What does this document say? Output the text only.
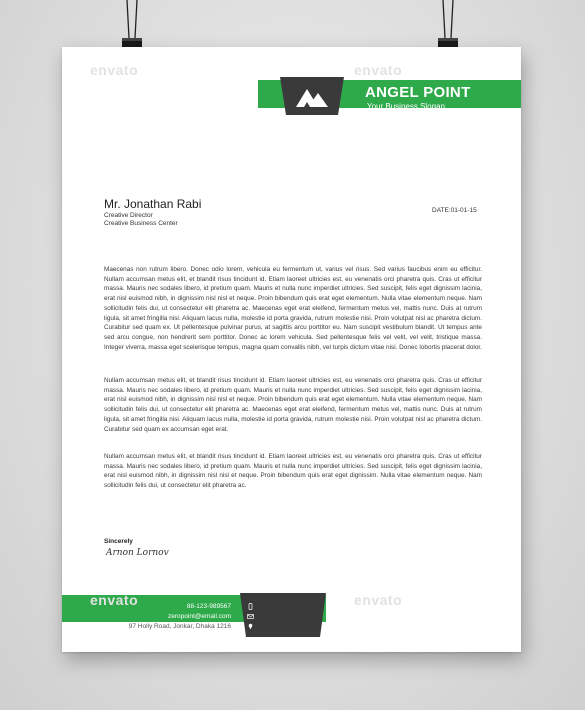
envato	envato
ANGEL POINT
Your Business Slogan
Mr. Jonathan Rabi
Creative Director
Creative Business Center
DATE:01-01-15

Maecenas non rutrum libero. Donec odio lorem, vehicula eu fermentum ut, varius vel risus. Sed varius faucibus enim eu efficitur. Nullam accumsan metus elit, et blandit risus tincidunt id. Etiam laoreet ultricies est, eu venenatis orci pharetra quis. Cras ut efficitur massa. Mauris nec sodales libero, id pretium quam. Mauris et nulla nunc imperdiet ultricies. Sed suscipit, felis eget dignissim lacinia, erat nisl euismod nibh, in dignissim nisl nisl et neque. Proin bibendum quis erat eget elementum. Nulla vitae elementum neque. Nam sollicitudin felis dui, ut consectetur elit pharetra ac. Maecenas eget erat eleifend, fermentum metus vel, mattis nunc. Duis at rutrum ligula, sit amet fringilla nisi. Aliquam lacus nulla, molestie id porta gravida, rutrum molestie nisi. Proin volutpat nisl ac pharetra dictum. Curabitur sed quam ex. Ut pellentesque pulvinar purus, at sagittis arcu porttitor eu. Nam suscipit vestibulum blandit. Ut tempus ante sed arcu congue, non hendrerit sem porttitor. Donec ac lorem vehicula. Sed pellentesque felis vel velit, vel velit, tristique massa. Integer viverra, massa eget scelerisque tempus, magna quam convallis nibh, vel turpis dictum vitae nisi. Donec lobortis placerat dolor.

Nullam accumsan metus elit, et blandit risus tincidunt id. Etiam laoreet ultricies est, eu venenatis orci pharetra quis. Cras ut efficitur massa. Mauris nec sodales libero, id pretium quam. Mauris et nulla nunc imperdiet ultricies. Sed suscipit, felis eget dignissim lacinia, erat nisl euismod nibh, in dignissim nisl nisl et neque. Proin bibendum quis erat eget elementum. Nulla vitae elementum neque. Nam sollicitudin felis dui, ut consectetur elit pharetra ac. Maecenas eget erat eleifend, fermentum metus vel, mattis nunc. Duis at rutrum ligula, sit amet fringilla nisi. Aliquam lacus nulla, molestie id porta gravida, rutrum molestie nisi. Proin volutpat nisl ac pharetra dictum. Curabitur sed quam ex accumsan eget erat.

Nullam accumsan metus elit, et blandit risus tincidunt id. Etiam laoreet ultricies est, eu venenatis orci pharetra quis. Cras ut efficitur massa. Mauris nec sodales libero, id pretium quam. Mauris et nulla nunc imperdiet ultricies. Sed suscipit, felis eget dignissim lacinia, erat nisl euismod nibh, in dignissim nisl nisl et neque. Proin bibendum quis erat eget dignissim. Nulla vitae elementum neque. Nam sollicitudin felis dui, ut consectetur elit pharetra ac.

Sincerely
Arnon Lornov
envato	envato
88-123-989567
zeropoint@email.com
97 Holly Road, Jonkar, Dhaka 1216
